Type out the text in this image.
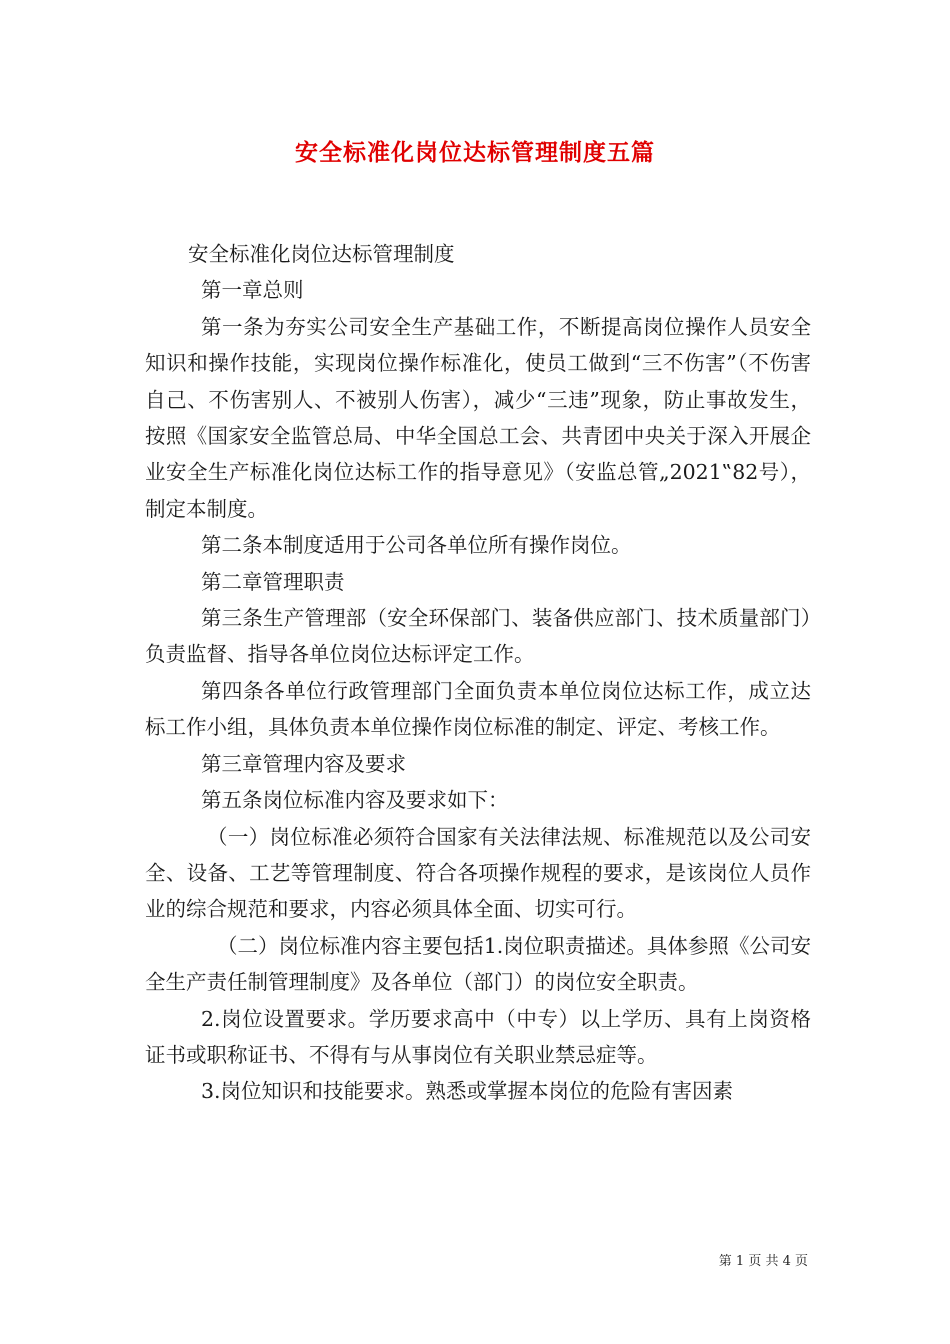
安全标准化岗位达标管理制度五篇

安全标准化岗位达标管理制度

第一章总则

第一条为夯实公司安全生产基础工作，不断提高岗位操作人员安全知识和操作技能，实现岗位操作标准化，使员工做到“三不伤害”（不伤害自己、不伤害别人、不被别人伤害），减少“三违”现象，防止事故发生，按照《国家安全监管总局、中华全国总工会、共青团中央关于深入开展企业安全生产标准化岗位达标工作的指导意见》（安监总管„2021‟82号），制定本制度。

第二条本制度适用于公司各单位所有操作岗位。

第二章管理职责

第三条生产管理部（安全环保部门、装备供应部门、技术质量部门）负责监督、指导各单位岗位达标评定工作。

第四条各单位行政管理部门全面负责本单位岗位达标工作，成立达标工作小组，具体负责本单位操作岗位标准的制定、评定、考核工作。

第三章管理内容及要求

第五条岗位标准内容及要求如下：

（一）岗位标准必须符合国家有关法律法规、标准规范以及公司安全、设备、工艺等管理制度、符合各项操作规程的要求，是该岗位人员作业的综合规范和要求，内容必须具体全面、切实可行。

（二）岗位标准内容主要包括1.岗位职责描述。具体参照《公司安全生产责任制管理制度》及各单位（部门）的岗位安全职责。

2.岗位设置要求。学历要求高中（中专）以上学历、具有上岗资格证书或职称证书、不得有与从事岗位有关职业禁忌症等。

3.岗位知识和技能要求。熟悉或掌握本岗位的危险有害因素

第 1 页 共 4 页
